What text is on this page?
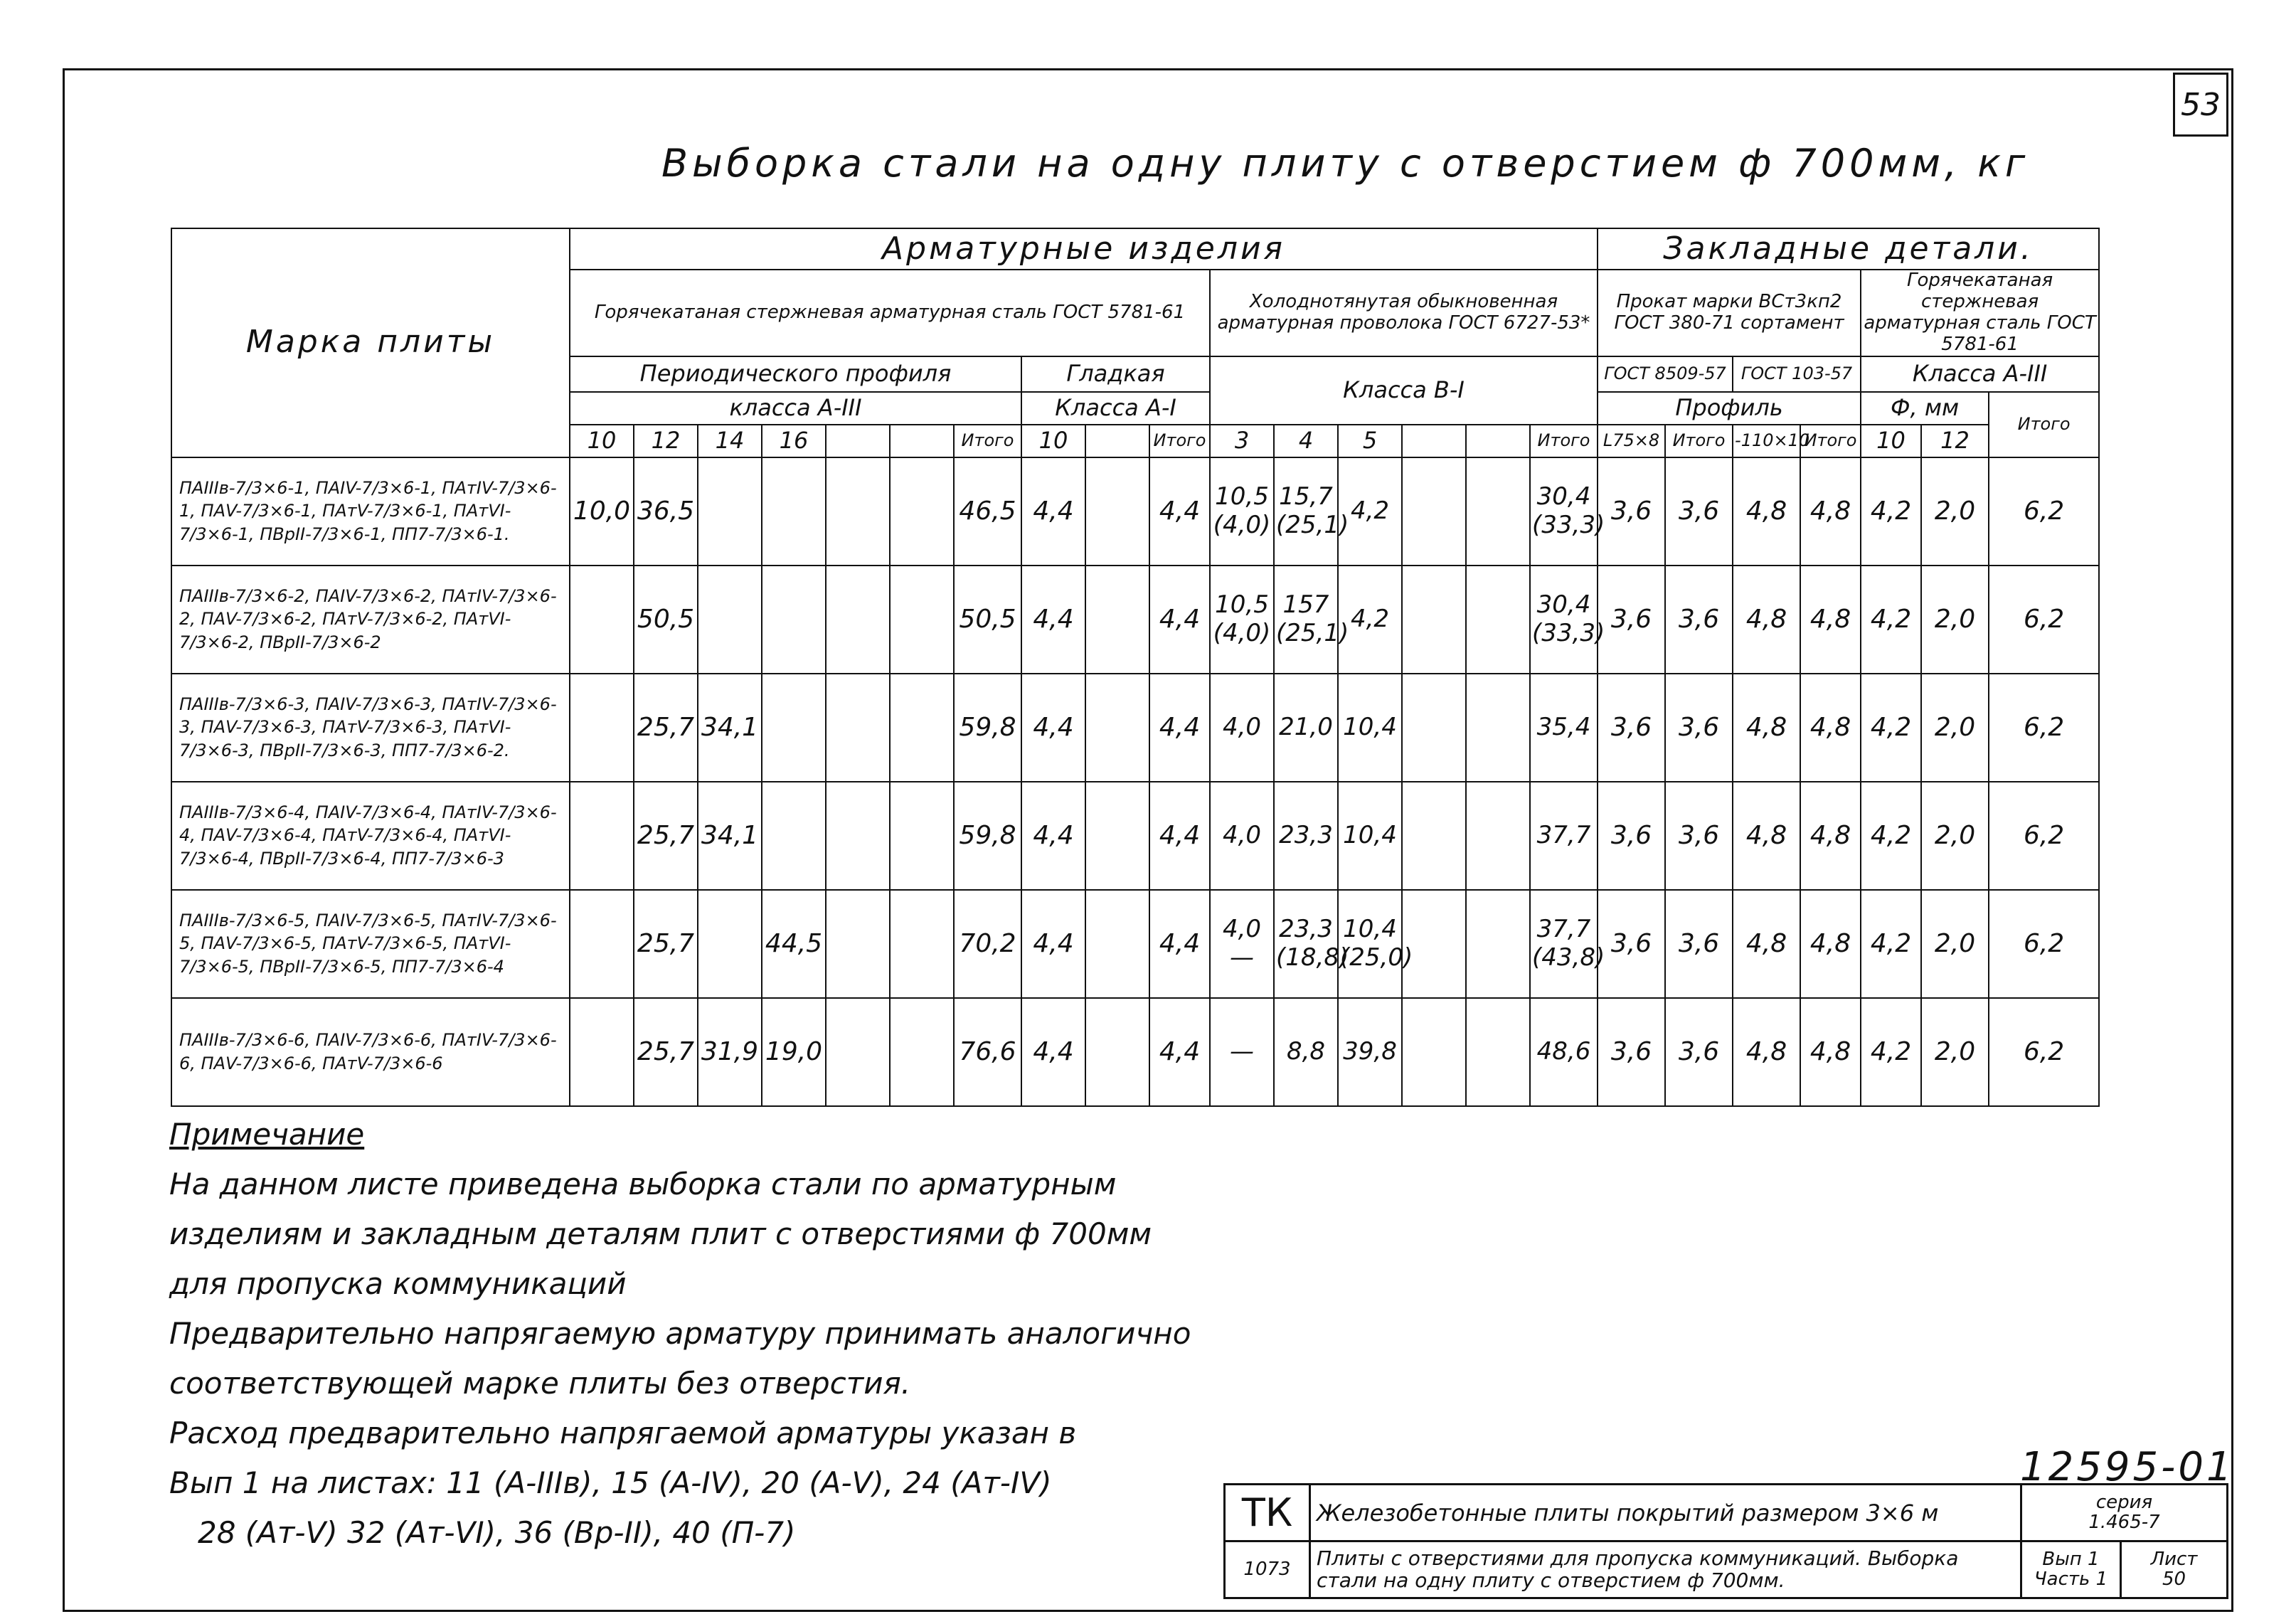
53
Выборка стали на одну плиту с отверстием ф 700мм, кг
Марка плиты	Арматурные изделия																Закладные детали.	
	Горячекатаная стержневая арматурная сталь ГОСТ 5781-61										Холоднотянутая обыкновенная арматурная проволока ГОСТ 6727-53*						Прокат марки ВСт3кп2 ГОСТ 380-71 сортамент				Горячекатаная стержневая арматурная сталь ГОСТ 5781-61			
	Периодического профиля							Гладкая			Класса В-I						ГОСТ 8509-57		ГОСТ 103-57		Класса А-III			
	класса А-III							Класса А-I									Профиль				Ф, мм		Итого	
	10	12	14	16			Итого	10		Итого	3	4	5			Итого	L75×8	Итого	-110×10	Итого	10	12	
ПАIIIв-7/3×6-1, ПАIV-7/3×6-1, ПАтIV-7/3×6-1, ПАV-7/3×6-1, ПАтV-7/3×6-1, ПАтVI-7/3×6-1, ПВрII-7/3×6-1, ПП7-7/3×6-1.	10,0	36,5					46,5	4,4		4,4	10,5 (4,0)	15,7 (25,1)	4,2			30,4 (33,3)	3,6	3,6	4,8	4,8	4,2	2,0	6,2	
ПАIIIв-7/3×6-2, ПАIV-7/3×6-2, ПАтIV-7/3×6-2, ПАV-7/3×6-2, ПАтV-7/3×6-2, ПАтVI-7/3×6-2, ПВрII-7/3×6-2		50,5					50,5	4,4		4,4	10,5 (4,0)	157 (25,1)	4,2			30,4 (33,3)	3,6	3,6	4,8	4,8	4,2	2,0	6,2	
ПАIIIв-7/3×6-3, ПАIV-7/3×6-3, ПАтIV-7/3×6-3, ПАV-7/3×6-3, ПАтV-7/3×6-3, ПАтVI-7/3×6-3, ПВрII-7/3×6-3, ПП7-7/3×6-2.		25,7	34,1				59,8	4,4		4,4	4,0	21,0	10,4			35,4	3,6	3,6	4,8	4,8	4,2	2,0	6,2	
ПАIIIв-7/3×6-4, ПАIV-7/3×6-4, ПАтIV-7/3×6-4, ПАV-7/3×6-4, ПАтV-7/3×6-4, ПАтVI-7/3×6-4, ПВрII-7/3×6-4, ПП7-7/3×6-3		25,7	34,1				59,8	4,4		4,4	4,0	23,3	10,4			37,7	3,6	3,6	4,8	4,8	4,2	2,0	6,2	
ПАIIIв-7/3×6-5, ПАIV-7/3×6-5, ПАтIV-7/3×6-5, ПАV-7/3×6-5, ПАтV-7/3×6-5, ПАтVI-7/3×6-5, ПВрII-7/3×6-5, ПП7-7/3×6-4		25,7		44,5			70,2	4,4		4,4	4,0 —	23,3 (18,8)	10,4 (25,0)			37,7 (43,8)	3,6	3,6	4,8	4,8	4,2	2,0	6,2	
ПАIIIв-7/3×6-6, ПАIV-7/3×6-6, ПАтIV-7/3×6-6, ПАV-7/3×6-6, ПАтV-7/3×6-6		25,7	31,9	19,0			76,6	4,4		4,4	—	8,8	39,8			48,6	3,6	3,6	4,8	4,8	4,2	2,0	6,2	
Примечание
На данном листе приведена выборка стали по арматурным
изделиям и закладным деталям плит с отверстиями ф 700мм
для пропуска коммуникаций
Предварительно напрягаемую арматуру принимать аналогично
соответствующей марке плиты без отверстия.
Расход предварительно напрягаемой арматуры указан в
Вып 1 на листах: 11 (А-IIIв), 15 (А-IV), 20 (А-V), 24 (Ат-IV)
28 (Ат-V) 32 (Ат-VI), 36 (Вр-II), 40 (П-7)
12595-01
ТК	Железобетонные плиты покрытий размером 3×6 м	серия
1.465-7	

1073	Плиты с отверстиями для пропуска коммуникаций. Выборка стали на одну плиту с отверстием ф 700мм.	Вып 1 Часть 1	Лист
50
